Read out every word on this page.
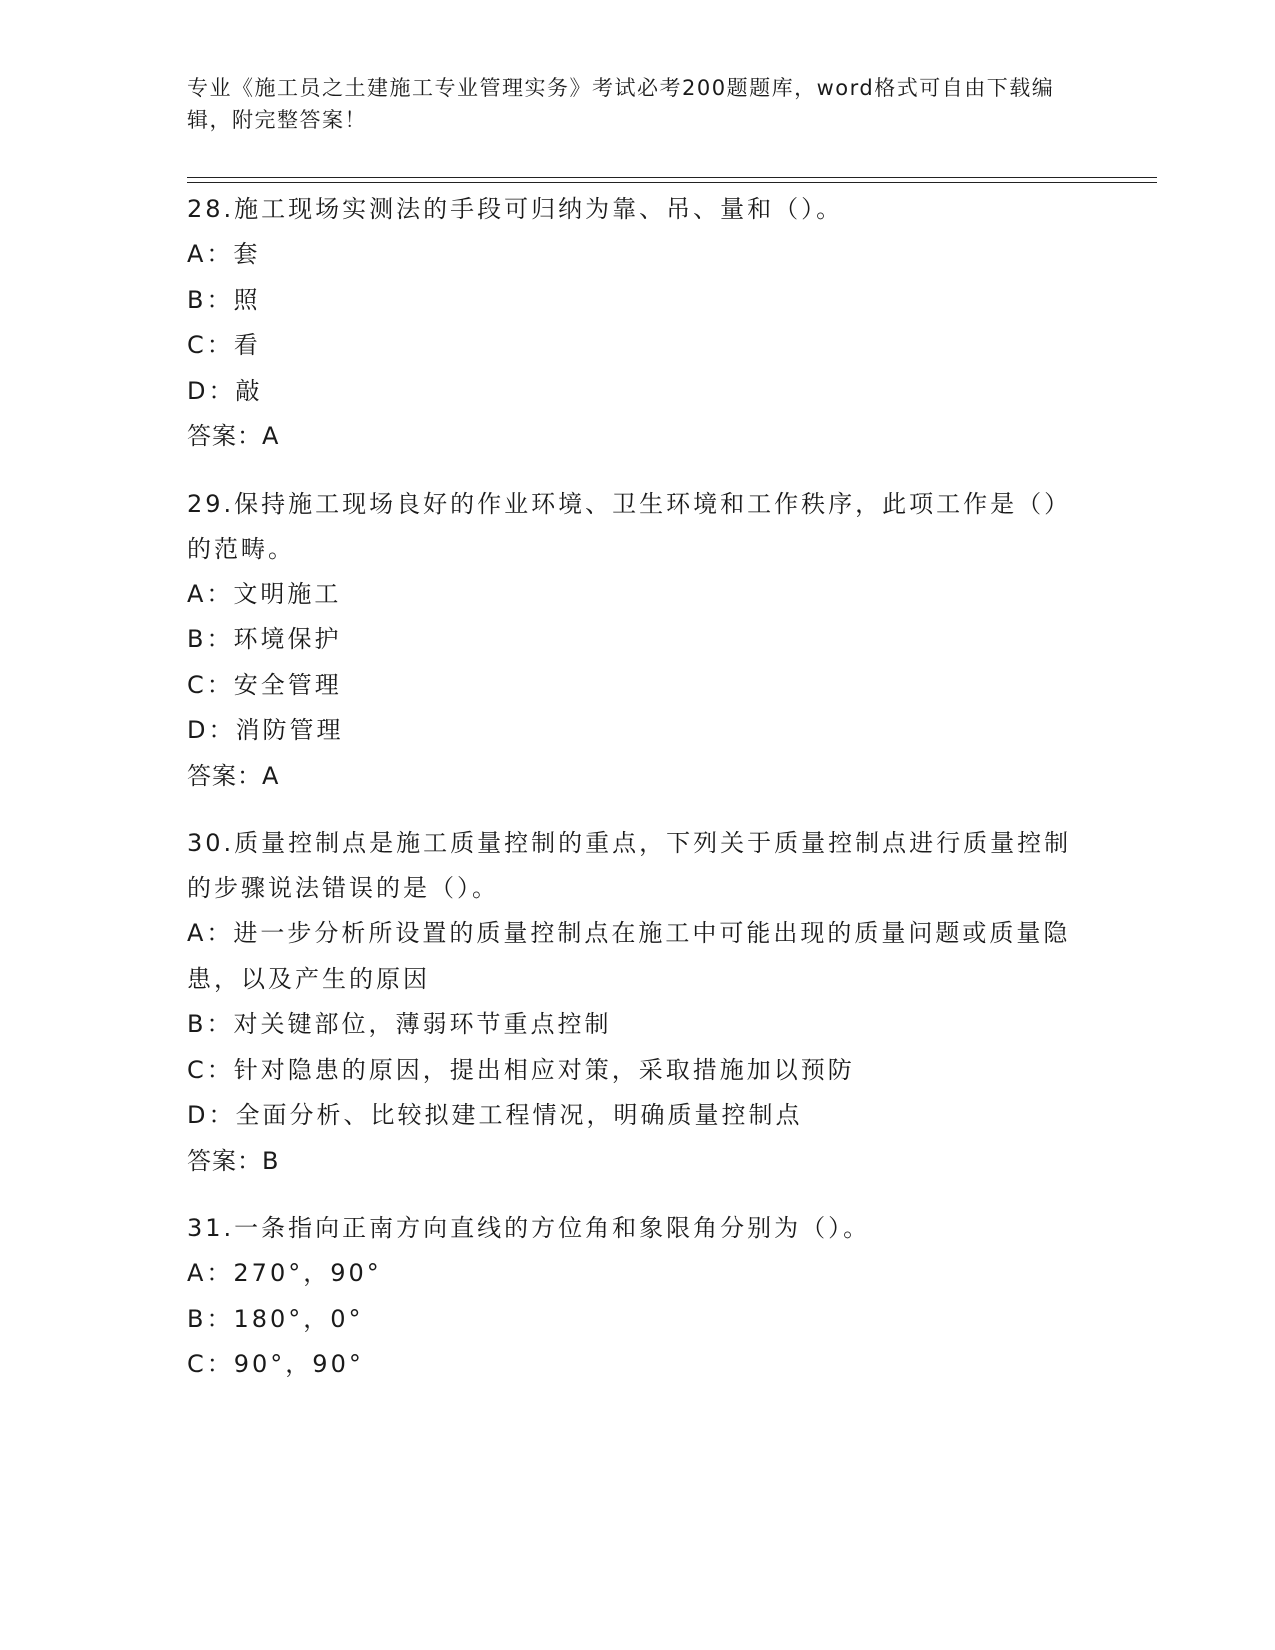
专业《施工员之土建施工专业管理实务》考试必考200题题库，word格式可自由下载编辑，附完整答案！
28.施工现场实测法的手段可归纳为靠、吊、量和（）。
A：套
B：照
C：看
D：敲
答案：A
29.保持施工现场良好的作业环境、卫生环境和工作秩序，此项工作是（）的范畴。
A：文明施工
B：环境保护
C：安全管理
D：消防管理
答案：A
30.质量控制点是施工质量控制的重点，下列关于质量控制点进行质量控制的步骤说法错误的是（）。
A：进一步分析所设置的质量控制点在施工中可能出现的质量问题或质量隐患，以及产生的原因
B：对关键部位，薄弱环节重点控制
C：针对隐患的原因，提出相应对策，采取措施加以预防
D：全面分析、比较拟建工程情况，明确质量控制点
答案：B
31.一条指向正南方向直线的方位角和象限角分别为（）。
A：270°，90°
B：180°，0°
C：90°，90°
